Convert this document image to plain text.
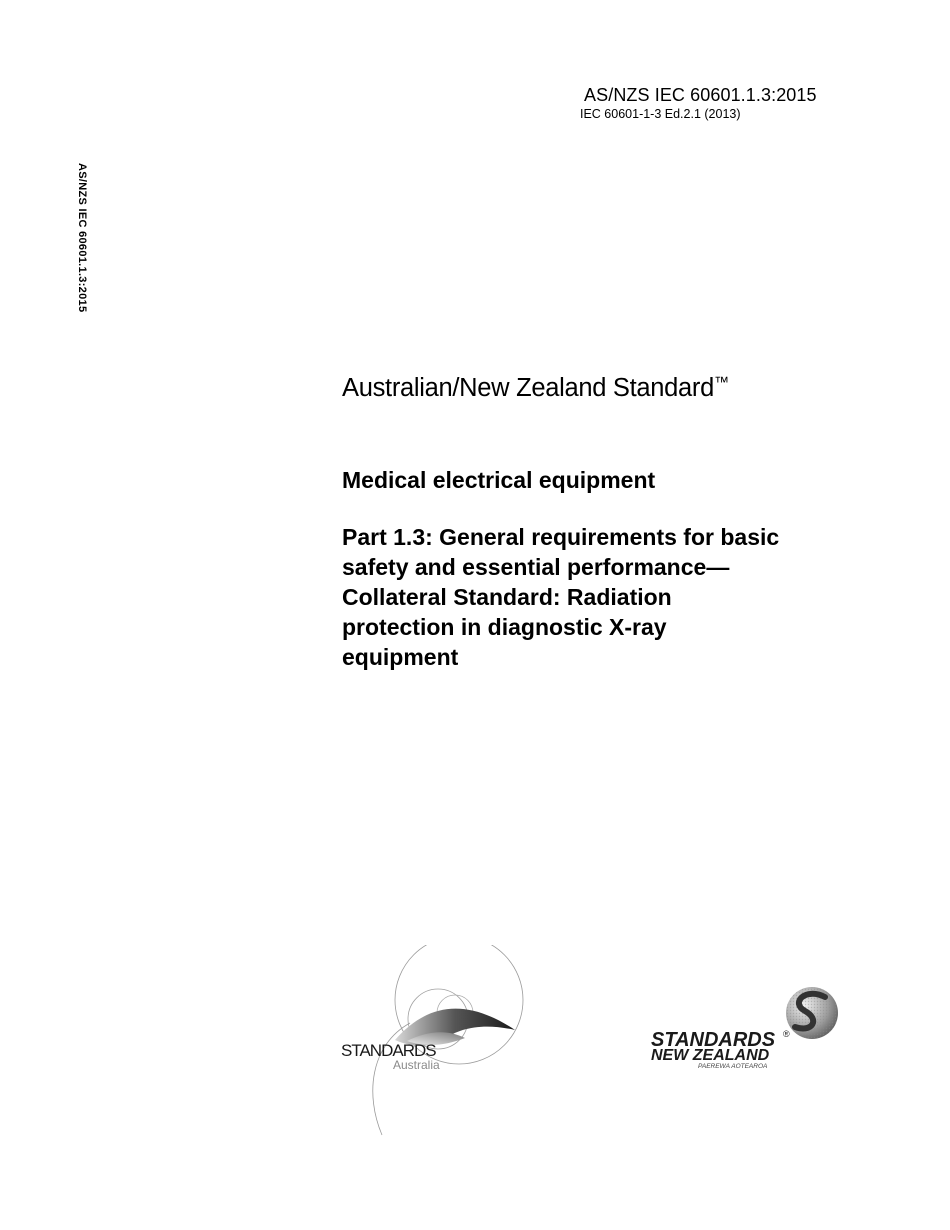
AS/NZS IEC 60601.1.3:2015
IEC 60601-1-3 Ed.2.1 (2013)
AS/NZS IEC 60601.1.3:2015
Australian/New Zealand Standard™
Medical electrical equipment
Part 1.3: General requirements for basic
safety and essential performance—
Collateral Standard: Radiation
protection in diagnostic X-ray
equipment
STANDARDS
Australia
STANDARDS ®
NEW ZEALAND
PAEREWA AOTEAROA
